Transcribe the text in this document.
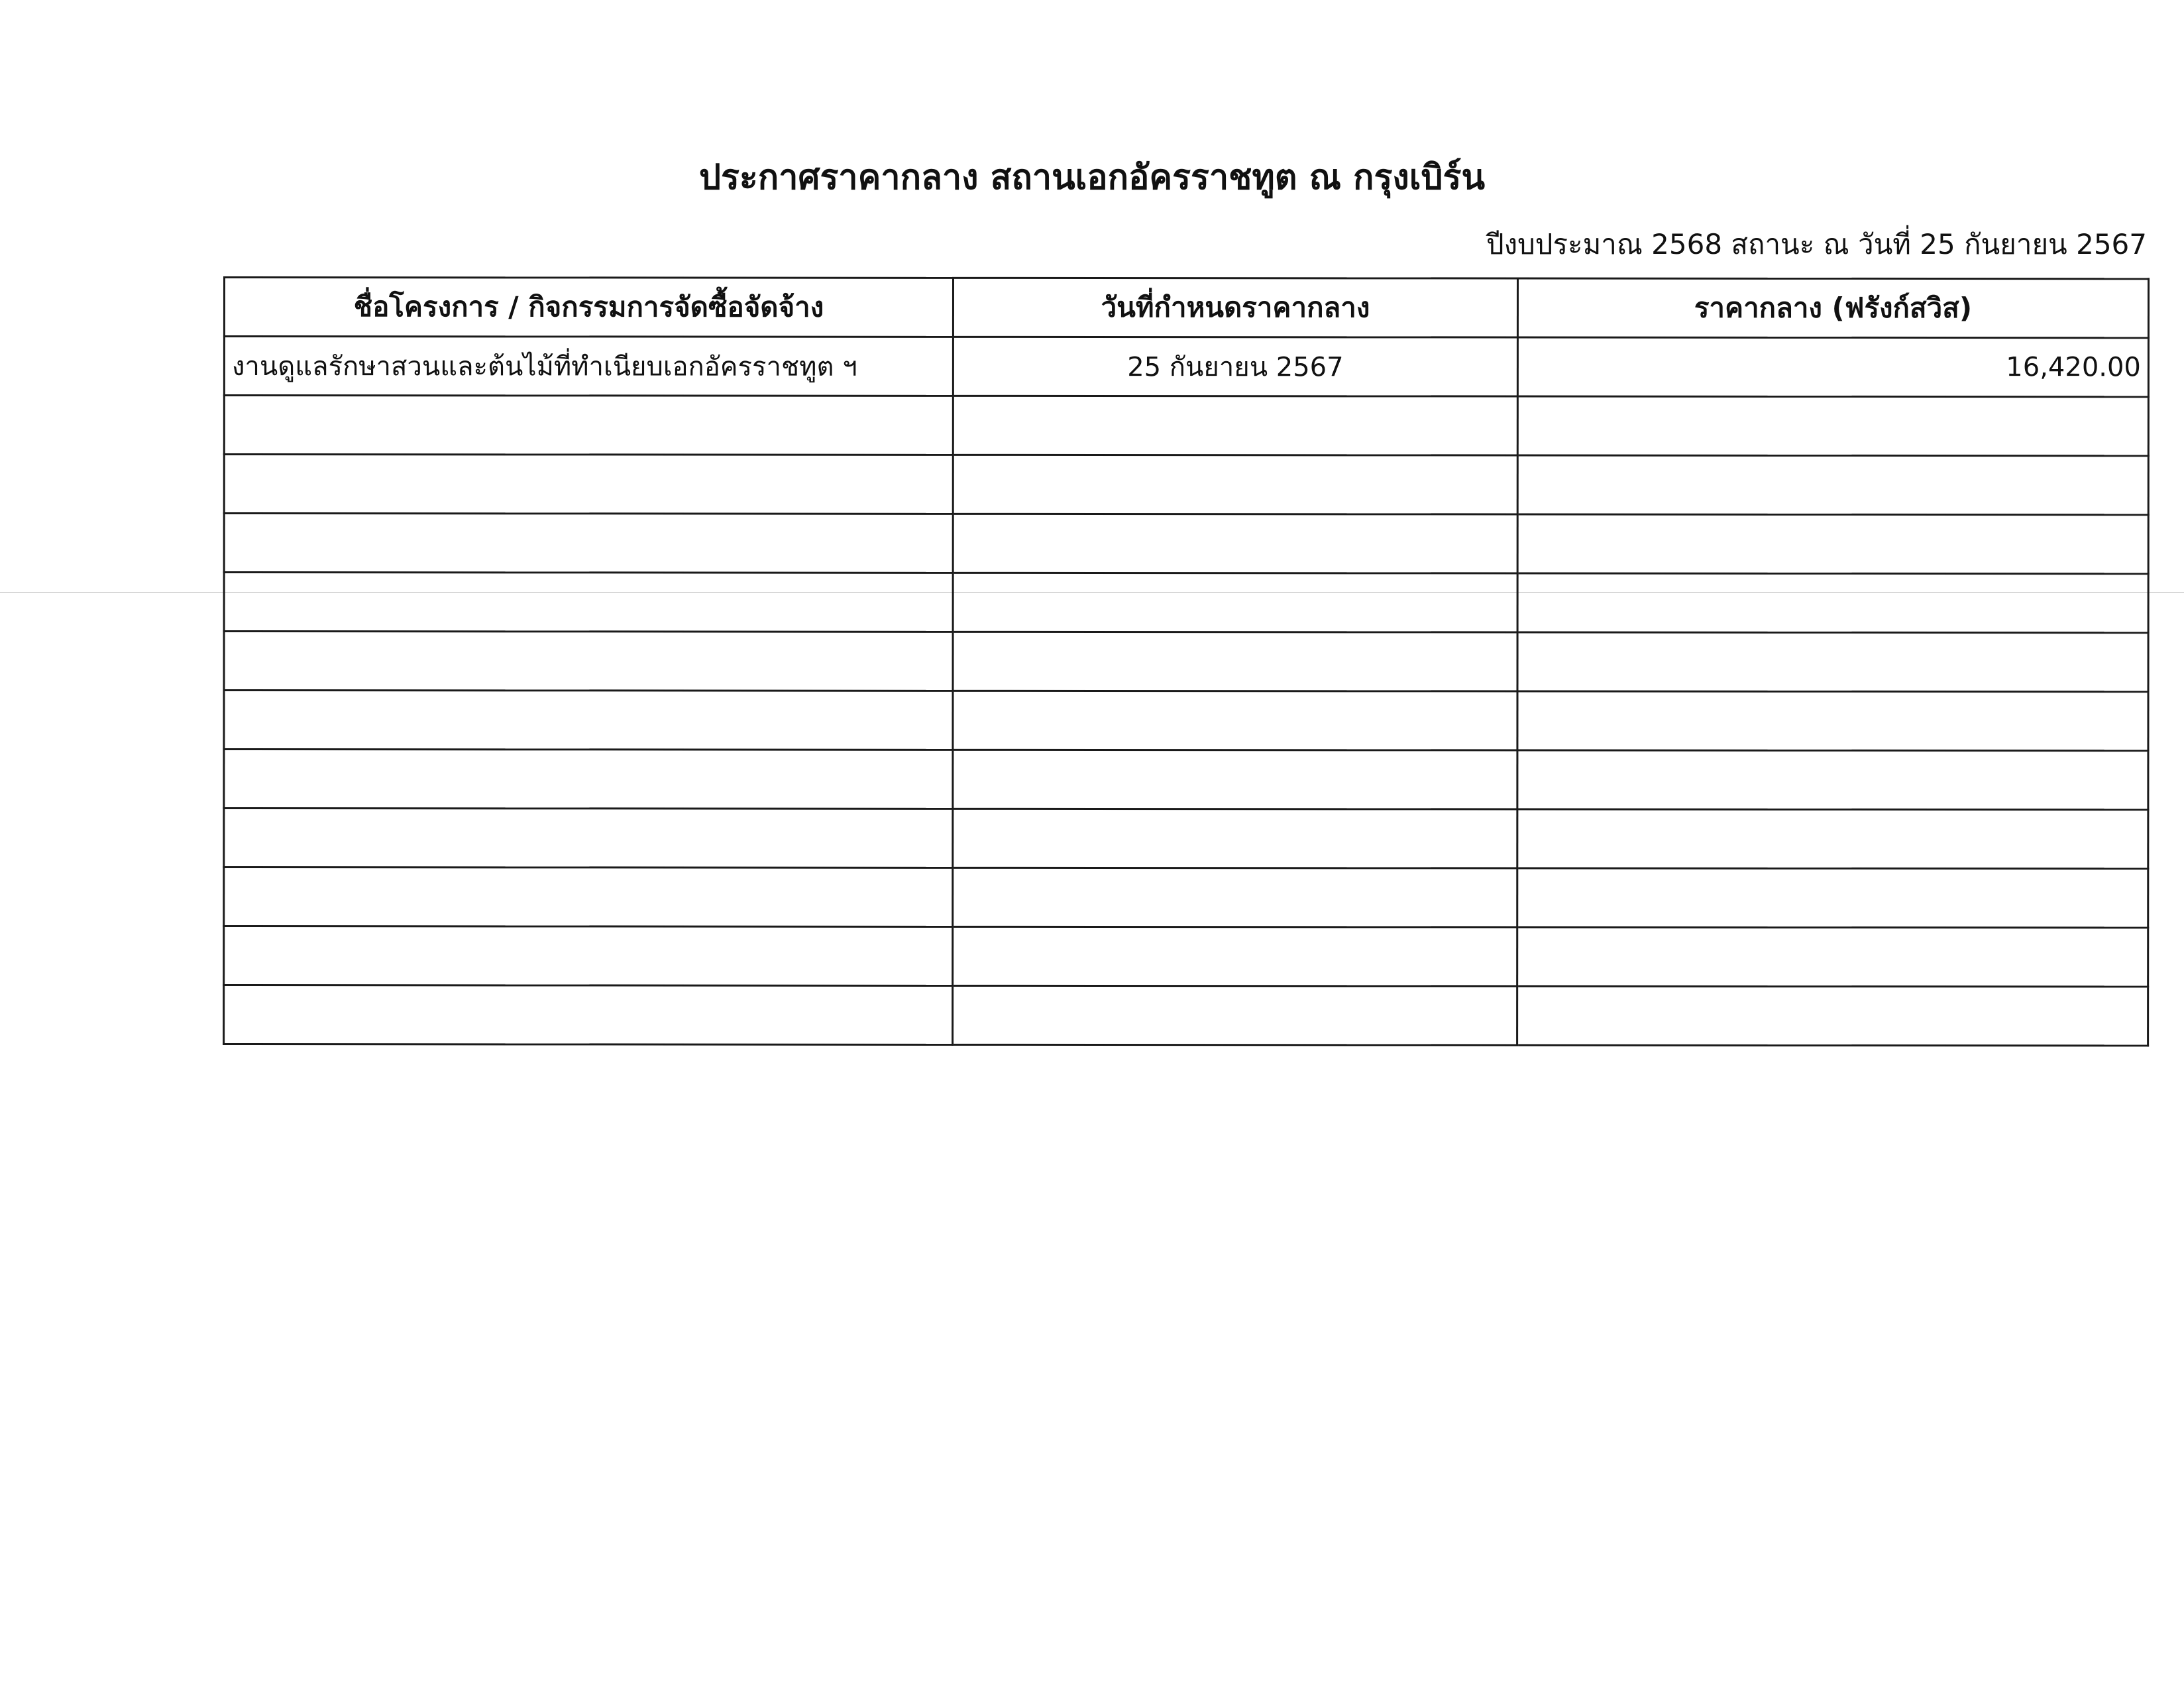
ประกาศราคากลาง สถานเอกอัครราชทูต ณ กรุงเบิร์น
ปีงบประมาณ 2568 สถานะ ณ วันที่ 25 กันยายน 2567
ชื่อโครงการ / กิจกรรมการจัดซื้อจัดจ้าง	วันที่กำหนดราคากลาง	ราคากลาง (ฟรังก์สวิส)
งานดูแลรักษาสวนและต้นไม้ที่ทำเนียบเอกอัครราชทูต ฯ	25 กันยายน 2567	16,420.00
